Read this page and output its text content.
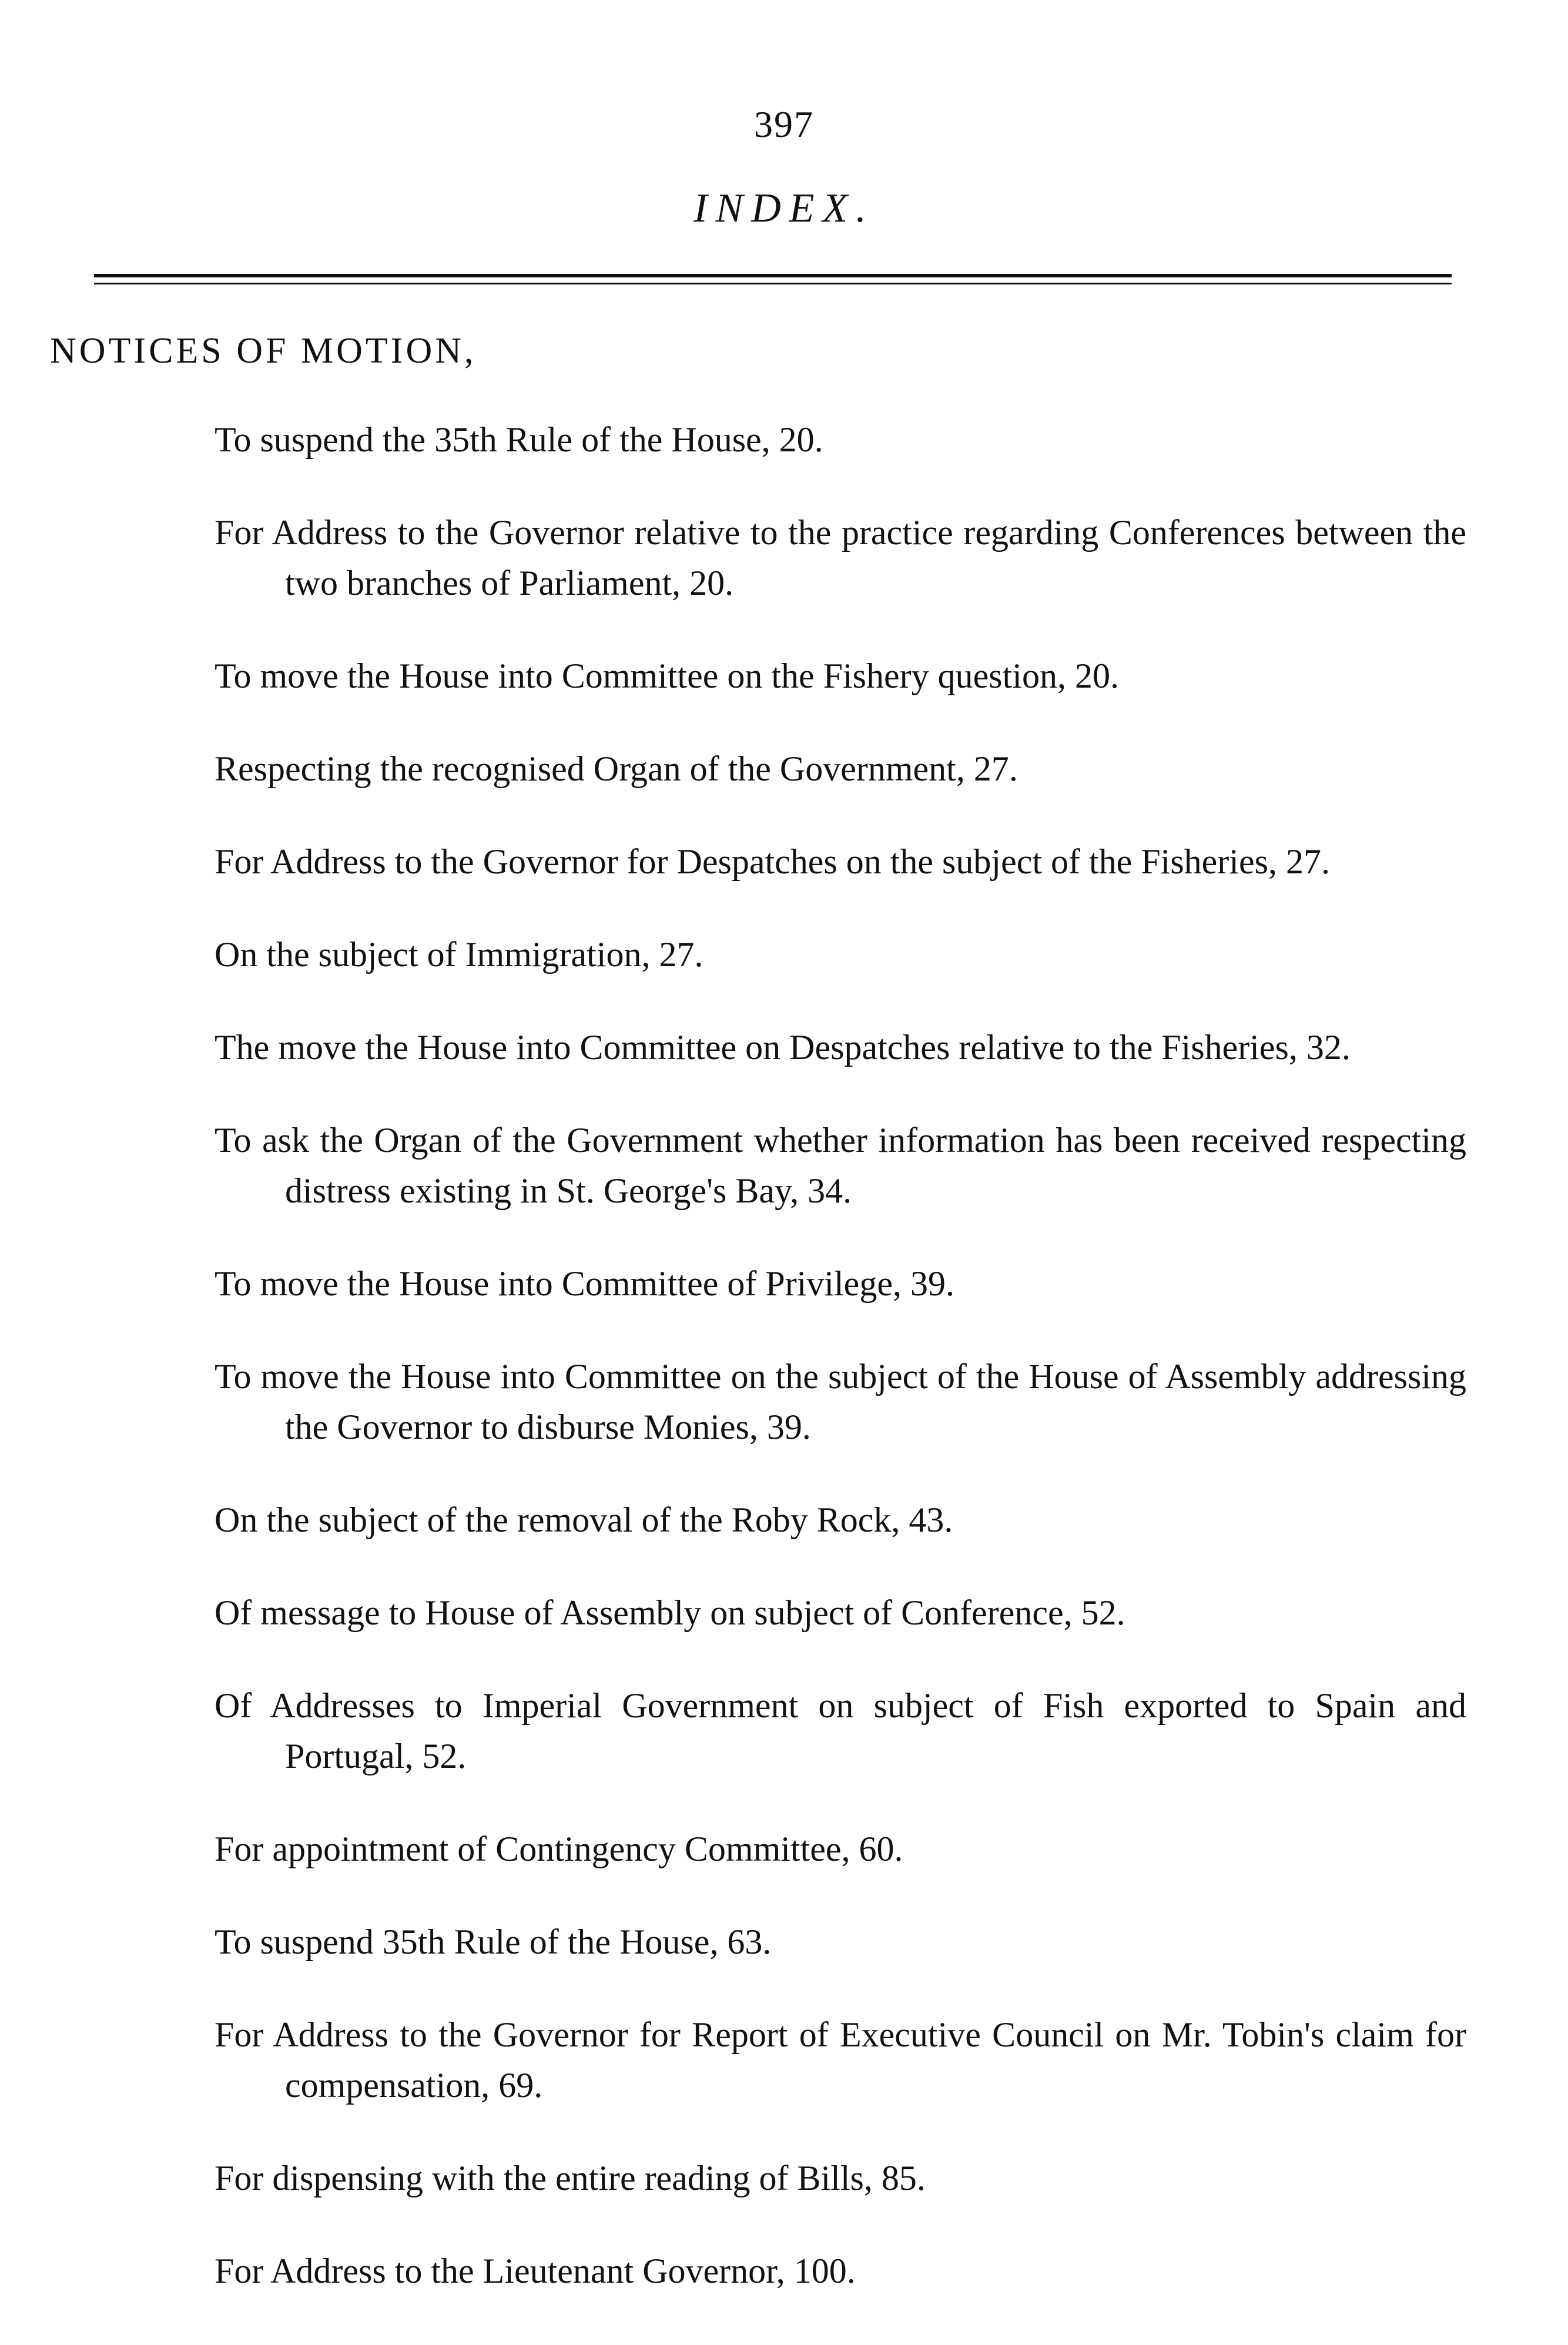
397
INDEX.
NOTICES OF MOTION,
To suspend the 35th Rule of the House, 20.
For Address to the Governor relative to the practice regarding Conferences between the two branches of Parliament, 20.
To move the House into Committee on the Fishery question, 20.
Respecting the recognised Organ of the Government, 27.
For Address to the Governor for Despatches on the subject of the Fisheries, 27.
On the subject of Immigration, 27.
The move the House into Committee on Despatches relative to the Fisheries, 32.
To ask the Organ of the Government whether information has been received respecting distress existing in St. George's Bay, 34.
To move the House into Committee of Privilege, 39.
To move the House into Committee on the subject of the House of Assembly addressing the Governor to disburse Monies, 39.
On the subject of the removal of the Roby Rock, 43.
Of message to House of Assembly on subject of Conference, 52.
Of Addresses to Imperial Government on subject of Fish exported to Spain and Portugal, 52.
For appointment of Contingency Committee, 60.
To suspend 35th Rule of the House, 63.
For Address to the Governor for Report of Executive Council on Mr. Tobin's claim for compensation, 69.
For dispensing with the entire reading of Bills, 85.
For Address to the Lieutenant Governor, 100.
